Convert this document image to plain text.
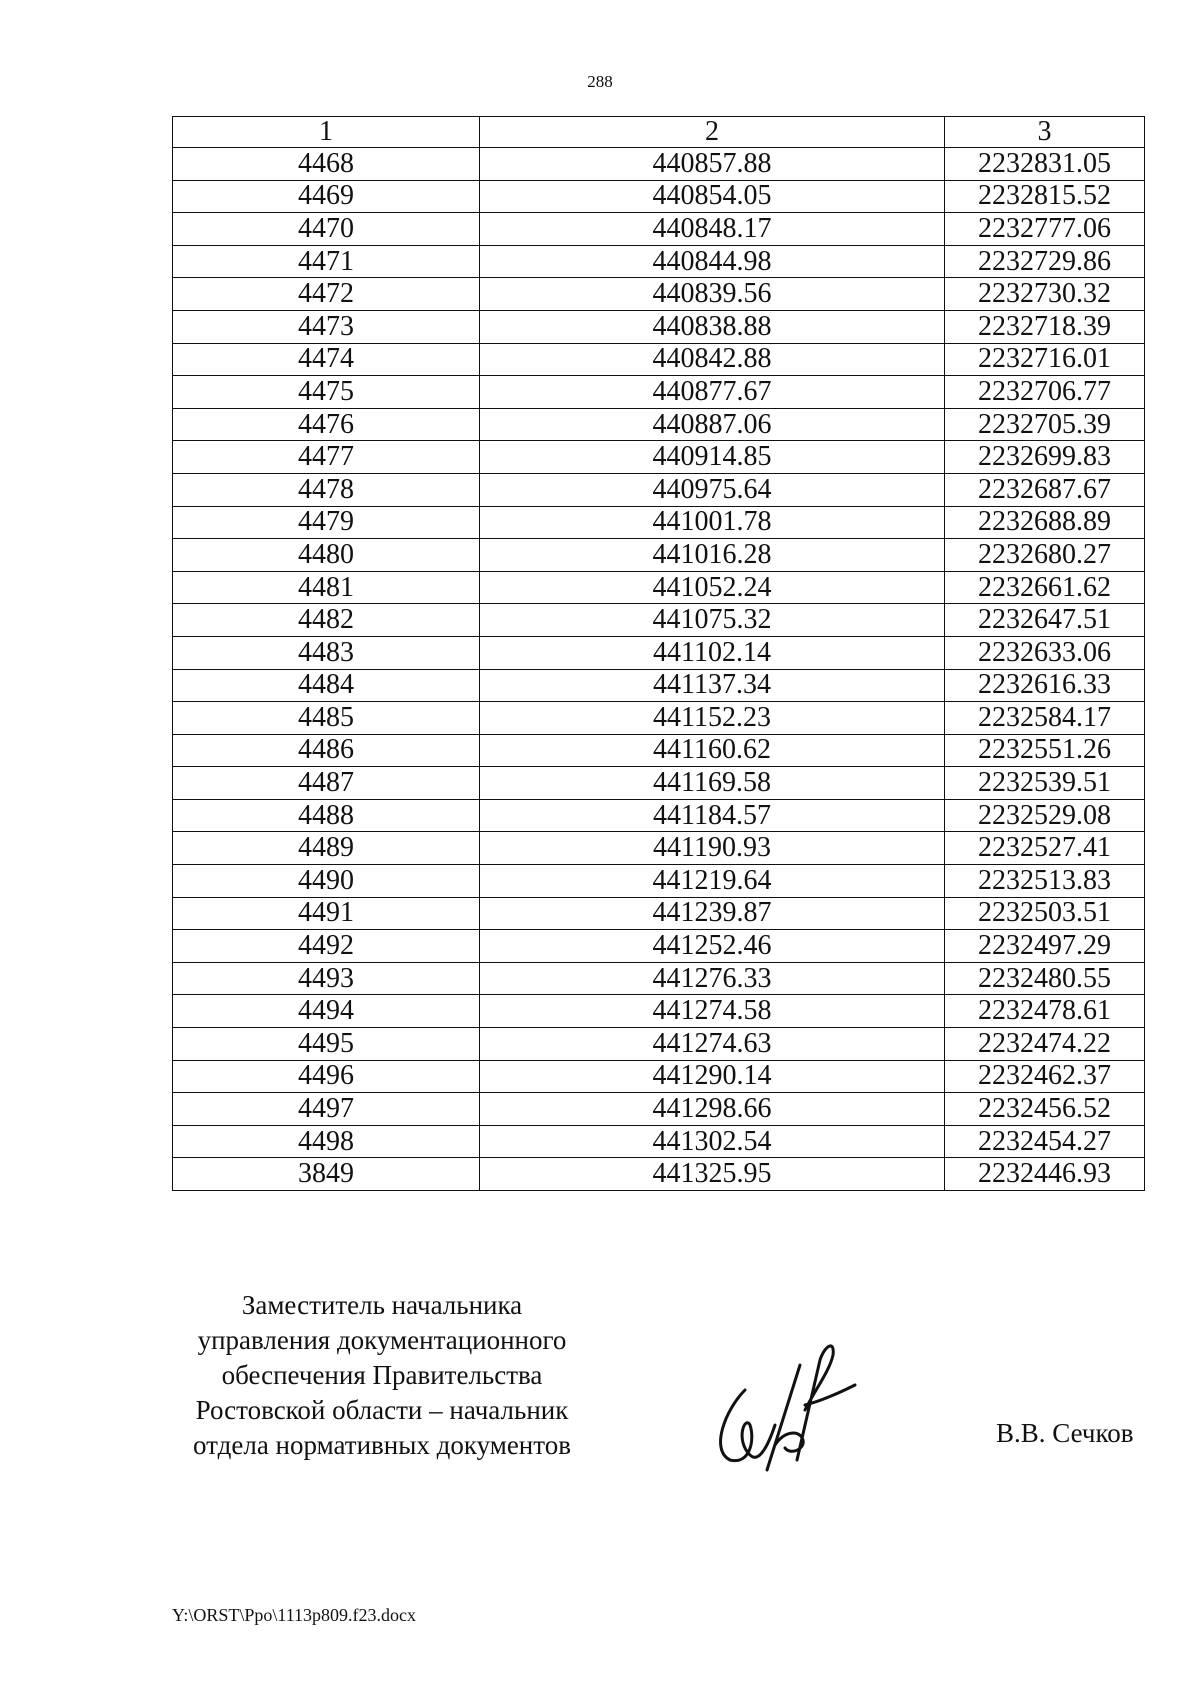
288
1	2	3
4468	440857.88	2232831.05
4469	440854.05	2232815.52
4470	440848.17	2232777.06
4471	440844.98	2232729.86
4472	440839.56	2232730.32
4473	440838.88	2232718.39
4474	440842.88	2232716.01
4475	440877.67	2232706.77
4476	440887.06	2232705.39
4477	440914.85	2232699.83
4478	440975.64	2232687.67
4479	441001.78	2232688.89
4480	441016.28	2232680.27
4481	441052.24	2232661.62
4482	441075.32	2232647.51
4483	441102.14	2232633.06
4484	441137.34	2232616.33
4485	441152.23	2232584.17
4486	441160.62	2232551.26
4487	441169.58	2232539.51
4488	441184.57	2232529.08
4489	441190.93	2232527.41
4490	441219.64	2232513.83
4491	441239.87	2232503.51
4492	441252.46	2232497.29
4493	441276.33	2232480.55
4494	441274.58	2232478.61
4495	441274.63	2232474.22
4496	441290.14	2232462.37
4497	441298.66	2232456.52
4498	441302.54	2232454.27
3849	441325.95	2232446.93
Заместитель начальника
управления документационного
обеспечения Правительства
Ростовской области – начальник
отдела нормативных документов	В.В. Сечков
Y:\ORST\Ppo\1113p809.f23.docx
